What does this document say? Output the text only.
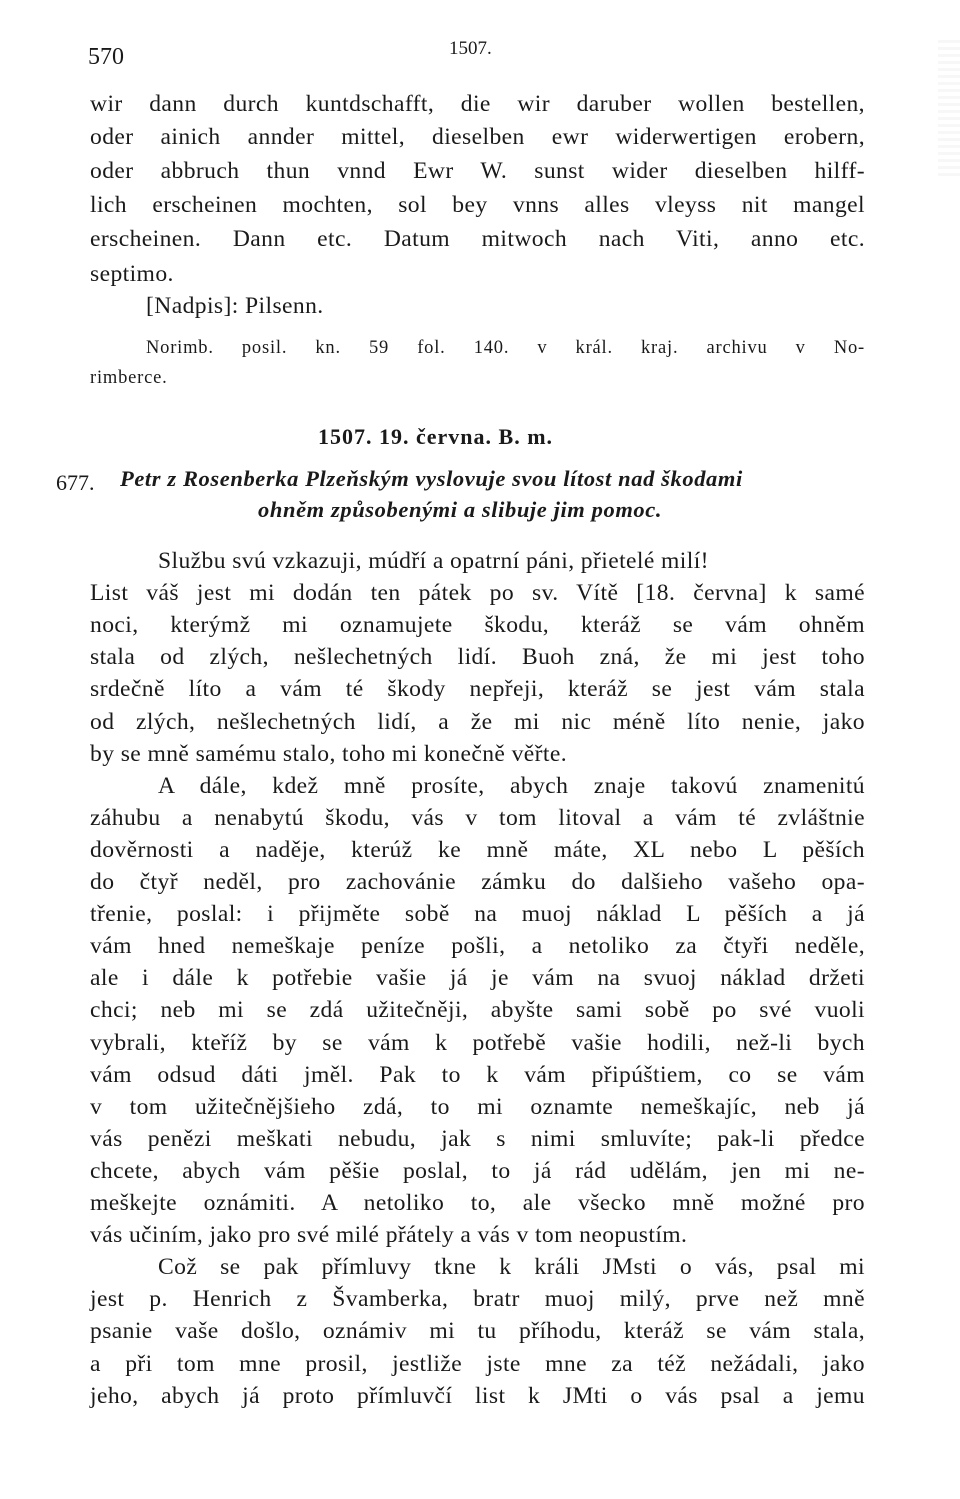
570	1507.

wir dann durch kuntdschafft, die wir daruber wollen bestellen,

oder ainich annder mittel, dieselben ewr widerwertigen erobern,

oder abbruch thun vnnd Ewr W. sunst wider dieselben hilff-

lich erscheinen mochten, sol bey vnns alles vleyss nit mangel

erscheinen. Dann etc. Datum mitwoch nach Viti, anno etc.

septimo.

[Nadpis]: Pilsenn.

Norimb. posil. kn. 59 fol. 140. v král. kraj. archivu v No-

rimberce.

1507. 19. června. B. m.
677. Petr z Rosenberka Plzeňským vyslovuje svou lítost nad škodami
ohněm způsobenými a slibuje jim pomoc.

Službu svú vzkazuji, múdří a opatrní páni, přietelé milí!

List váš jest mi dodán ten pátek po sv. Vítě [18. června] k samé

noci, kterýmž mi oznamujete škodu, kteráž se vám ohněm

stala od zlých, nešlechetných lidí. Buoh zná, že mi jest toho

srdečně líto a vám té škody nepřeji, kteráž se jest vám stala

od zlých, nešlechetných lidí, a že mi nic méně líto nenie, jako

by se mně samému stalo, toho mi konečně věřte.

A dále, kdež mně prosíte, abych znaje takovú znamenitú

záhubu a nenabytú škodu, vás v tom litoval a vám té zvláštnie

dověrnosti a naděje, kterúž ke mně máte, XL nebo L pěších

do čtyř neděl, pro zachovánie zámku do dalšieho vašeho opa-

třenie, poslal: i přijměte sobě na muoj náklad L pěších a já

vám hned nemeškaje peníze pošli, a netoliko za čtyři neděle,

ale i dále k potřebie vašie já je vám na svuoj náklad držeti

chci; neb mi se zdá užitečněji, abyšte sami sobě po své vuoli

vybrali, kteříž by se vám k potřebě vašie hodili, než-li bych

vám odsud dáti jměl. Pak to k vám připúštiem, co se vám

v tom užitečnějšieho zdá, to mi oznamte nemeškajíc, neb já

vás penězi meškati nebudu, jak s nimi smluvíte; pak-li předce

chcete, abych vám pěšie poslal, to já rád udělám, jen mi ne-

meškejte oznámiti. A netoliko to, ale všecko mně možné pro

vás učiním, jako pro své milé přátely a vás v tom neopustím.

Což se pak přímluvy tkne k králi JMsti o vás, psal mi

jest p. Henrich z Švamberka, bratr muoj milý, prve než mně

psanie vaše došlo, oznámiv mi tu příhodu, kteráž se vám stala,

a při tom mne prosil, jestliže jste mne za též nežádali, jako

jeho, abych já proto přímluvčí list k JMti o vás psal a jemu
